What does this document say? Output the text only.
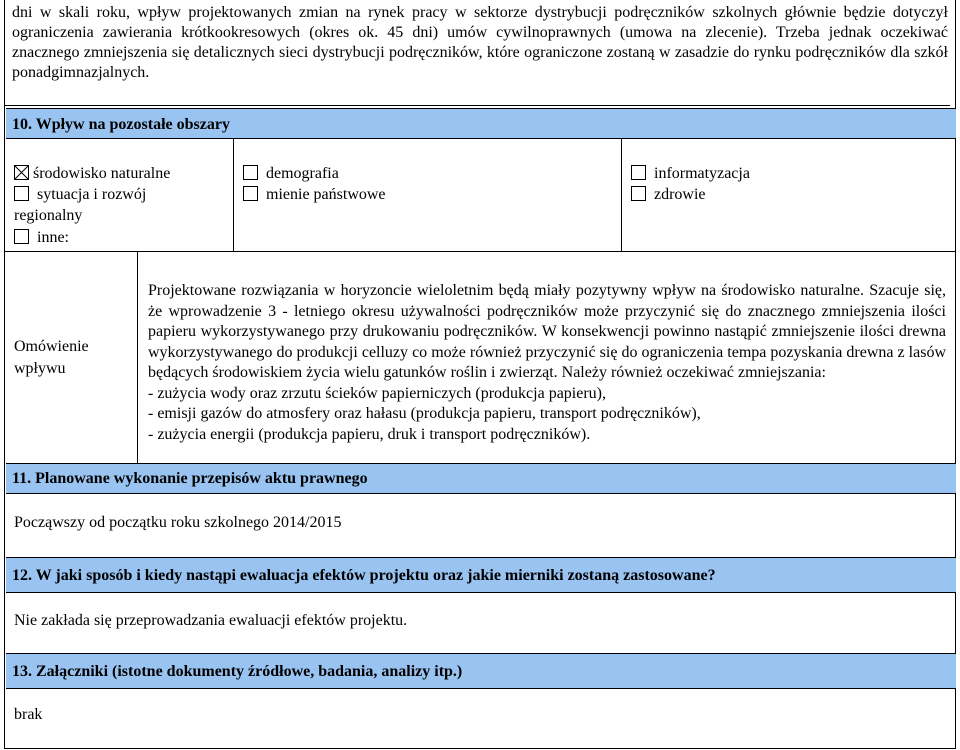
dni w skali roku, wpływ projektowanych zmian na rynek pracy w sektorze dystrybucji podręczników szkolnych głównie będzie dotyczył ograniczenia zawierania krótkookresowych (okres ok. 45 dni) umów cywilnoprawnych (umowa na zlecenie). Trzeba jednak oczekiwać znacznego zmniejszenia się detalicznych sieci dystrybucji podręczników, które ograniczone zostaną w zasadzie do rynku podręczników dla szkół ponadgimnazjalnych.
10. Wpływ na pozostałe obszary
środowisko naturalne
sytuacja i rozwój
regionalny
inne:
demografia
mienie państwowe
informatyzacja
zdrowie
Omówienie
wpływu

Projektowane rozwiązania w horyzoncie wieloletnim będą miały pozytywny wpływ na środowisko naturalne. Szacuje się, że wprowadzenie 3 - letniego okresu używalności podręczników może przyczynić się do znacznego zmniejszenia ilości papieru wykorzystywanego przy drukowaniu podręczników. W konsekwencji powinno nastąpić zmniejszenie ilości drewna wykorzystywanego do produkcji celluzy co może również przyczynić się do ograniczenia tempa pozyskania drewna z lasów będących środowiskiem życia wielu gatunków roślin i zwierząt. Należy również oczekiwać zmniejszania:

- zużycia wody oraz zrzutu ścieków papierniczych (produkcja papieru),
- emisji gazów do atmosfery oraz hałasu (produkcja papieru, transport podręczników),
- zużycia energii (produkcja papieru, druk i transport podręczników).
11. Planowane wykonanie przepisów aktu prawnego
Począwszy od początku roku szkolnego 2014/2015
12. W jaki sposób i kiedy nastąpi ewaluacja efektów projektu oraz jakie mierniki zostaną zastosowane?
Nie zakłada się przeprowadzania ewaluacji efektów projektu.
13. Załączniki (istotne dokumenty źródłowe, badania, analizy itp.)
brak
